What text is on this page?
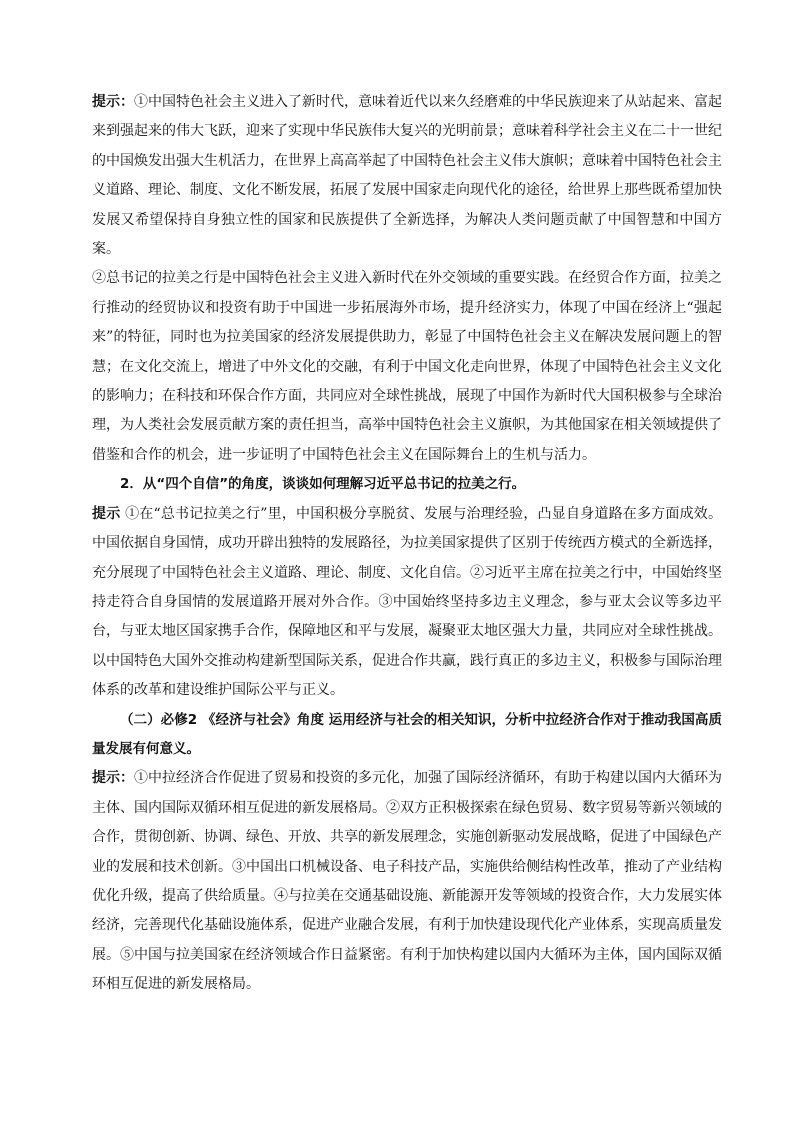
提示：①中国特色社会主义进入了新时代，意味着近代以来久经磨难的中华民族迎来了从站起来、富起来到强起来的伟大飞跃，迎来了实现中华民族伟大复兴的光明前景；意味着科学社会主义在二十一世纪的中国焕发出强大生机活力，在世界上高高举起了中国特色社会主义伟大旗帜；意味着中国特色社会主义道路、理论、制度、文化不断发展，拓展了发展中国家走向现代化的途径，给世界上那些既希望加快发展又希望保持自身独立性的国家和民族提供了全新选择，为解决人类问题贡献了中国智慧和中国方案。

②总书记的拉美之行是中国特色社会主义进入新时代在外交领域的重要实践。在经贸合作方面，拉美之行推动的经贸协议和投资有助于中国进一步拓展海外市场，提升经济实力，体现了中国在经济上“强起来”的特征，同时也为拉美国家的经济发展提供助力，彰显了中国特色社会主义在解决发展问题上的智慧；在文化交流上，增进了中外文化的交融，有利于中国文化走向世界，体现了中国特色社会主义文化的影响力；在科技和环保合作方面，共同应对全球性挑战，展现了中国作为新时代大国积极参与全球治理，为人类社会发展贡献方案的责任担当，高举中国特色社会主义旗帜，为其他国家在相关领域提供了借鉴和合作的机会，进一步证明了中国特色社会主义在国际舞台上的生机与活力。

2．从“四个自信”的角度，谈谈如何理解习近平总书记的拉美之行。

提示 ①在“总书记拉美之行”里，中国积极分享脱贫、发展与治理经验，凸显自身道路在多方面成效。中国依据自身国情，成功开辟出独特的发展路径，为拉美国家提供了区别于传统西方模式的全新选择，充分展现了中国特色社会主义道路、理论、制度、文化自信。②习近平主席在拉美之行中，中国始终坚持走符合自身国情的发展道路开展对外合作。③中国始终坚持多边主义理念，参与亚太会议等多边平台，与亚太地区国家携手合作，保障地区和平与发展，凝聚亚太地区强大力量，共同应对全球性挑战。以中国特色大国外交推动构建新型国际关系，促进合作共赢，践行真正的多边主义，积极参与国际治理体系的改革和建设维护国际公平与正义。

（二）必修2 《经济与社会》角度 运用经济与社会的相关知识，分析中拉经济合作对于推动我国高质量发展有何意义。

提示：①中拉经济合作促进了贸易和投资的多元化，加强了国际经济循环，有助于构建以国内大循环为主体、国内国际双循环相互促进的新发展格局。②双方正积极探索在绿色贸易、数字贸易等新兴领域的合作，贯彻创新、协调、绿色、开放、共享的新发展理念，实施创新驱动发展战略，促进了中国绿色产业的发展和技术创新。③中国出口机械设备、电子科技产品，实施供给侧结构性改革，推动了产业结构优化升级，提高了供给质量。④与拉美在交通基础设施、新能源开发等领域的投资合作，大力发展实体经济，完善现代化基础设施体系，促进产业融合发展，有利于加快建设现代化产业体系，实现高质量发展。⑤中国与拉美国家在经济领域合作日益紧密。有利于加快构建以国内大循环为主体，国内国际双循环相互促进的新发展格局。
